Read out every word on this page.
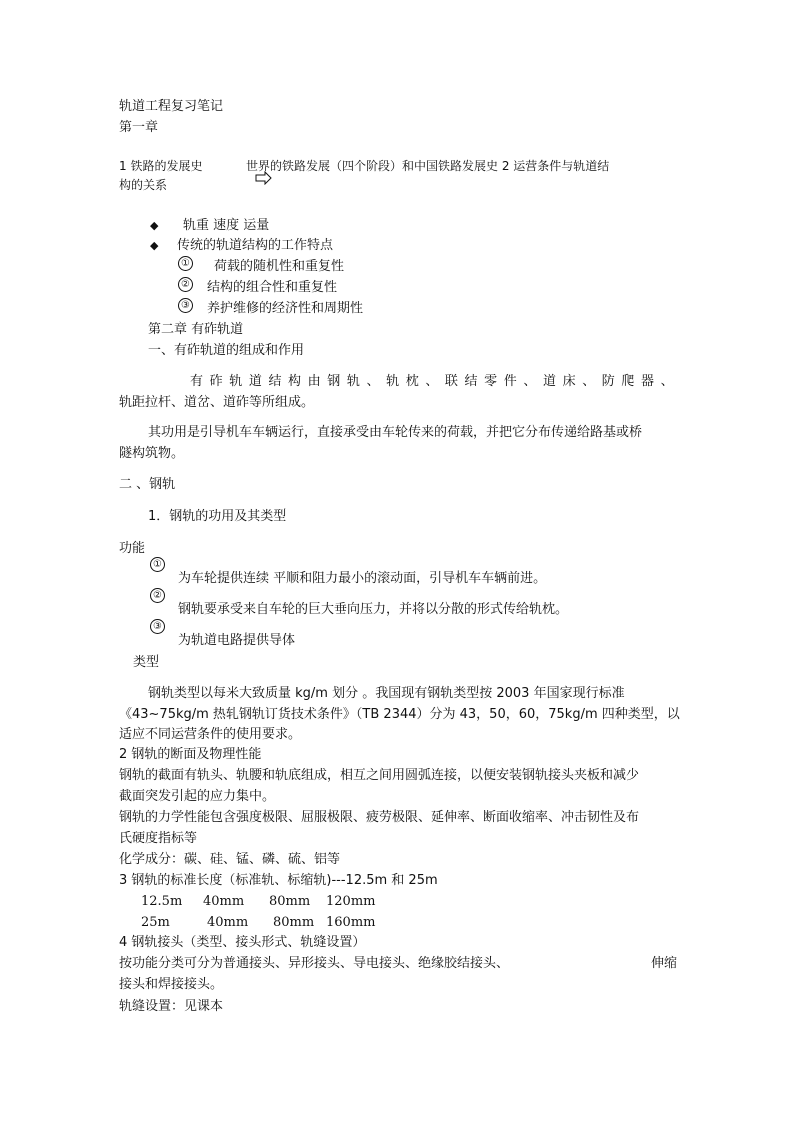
轨道工程复习笔记
第一章
1 铁路的发展史	世界的铁路发展（四个阶段）和中国铁路发展史 2 运营条件与轨道结
构的关系
◆ 轨重 速度 运量
◆ 传统的轨道结构的工作特点
① 荷载的随机性和重复性
② 结构的组合性和重复性
③ 养护维修的经济性和周期性
第二章 有砟轨道
一、有砟轨道的组成和作用
有 砟 轨 道 结 构 由 钢 轨 、 轨 枕 、 联 结 零 件 、 道 床 、 防 爬 器 、
轨距拉杆、道岔、道砟等所组成。
其功用是引导机车车辆运行，直接承受由车轮传来的荷载，并把它分布传递给路基或桥
隧构筑物。
二 、钢轨
1．钢轨的功用及其类型
功能
①
为车轮提供连续 平顺和阻力最小的滚动面，引导机车车辆前进。
②
钢轨要承受来自车轮的巨大垂向压力，并将以分散的形式传给轨枕。
③
为轨道电路提供导体
类型
钢轨类型以每米大致质量 kg/m 划分 。我国现有钢轨类型按 2003 年国家现行标准
《43~75kg/m 热轧钢轨订货技术条件》（TB 2344）分为 43，50，60，75kg/m 四种类型，以
适应不同运营条件的使用要求。
2 钢轨的断面及物理性能
钢轨的截面有轨头、轨腰和轨底组成，相互之间用圆弧连接，以便安装钢轨接头夹板和减少
截面突发引起的应力集中。
钢轨的力学性能包含强度极限、屈服极限、疲劳极限、延伸率、断面收缩率、冲击韧性及布
氏硬度指标等
化学成分：碳、硅、锰、磷、硫、铝等
3 钢轨的标准长度（标准轨、标缩轨)---12.5m 和 25m
12.5m 40mm 80mm 120mm
25m	40mm 80mm 160mm
4 钢轨接头（类型、接头形式、轨缝设置）
按功能分类可分为普通接头、异形接头、导电接头、绝缘胶结接头、	伸缩
接头和焊接接头。
轨缝设置：见课本
